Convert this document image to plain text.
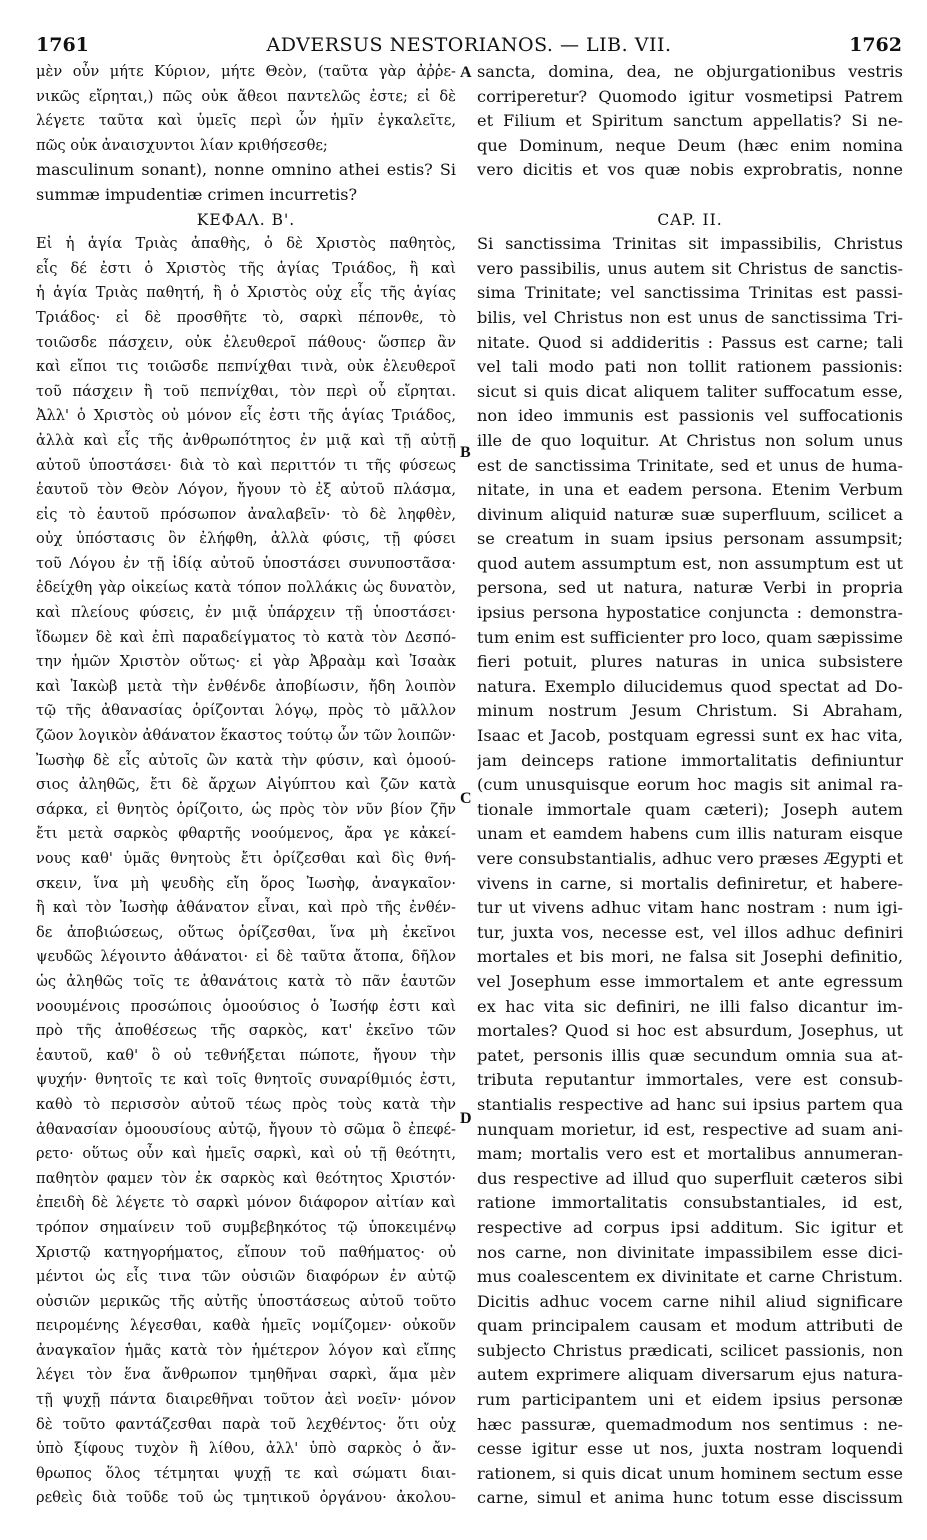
1761	ADVERSUS NESTORIANOS. — LIB. VII.	1762
μὲν οὖν μήτε Κύριον, μήτε Θεὸν, (ταῦτα γὰρ ἀῤῥε-
νικῶς εἴρηται,) πῶς οὐκ ἄθεοι παντελῶς ἐστε; εἰ δὲ
λέγετε ταῦτα καὶ ὑμεῖς περὶ ὧν ἡμῖν ἐγκαλεῖτε,
πῶς οὐκ ἀναισχυντοι λίαν κριθήσεσθε;
masculinum sonant), nonne omnino athei estis? Si
summæ impudentiæ crimen incurretis?
ΚΕΦΑΛ. Β'.
Εἰ ἡ ἁγία Τριὰς ἀπαθὴς, ὁ δὲ Χριστὸς παθητὸς,
εἷς δέ ἐστι ὁ Χριστὸς τῆς ἁγίας Τριάδος, ἢ καὶ
ἡ ἁγία Τριὰς παθητή, ἢ ὁ Χριστὸς οὐχ εἷς τῆς ἁγίας
Τριάδος· εἰ δὲ προσθῆτε τὸ, σαρκὶ πέπονθε, τὸ
τοιῶσδε πάσχειν, οὐκ ἐλευθεροῖ πάθους· ὥσπερ ἂν
καὶ εἴποι τις τοιῶσδε πεπνίχθαι τινὰ, οὐκ ἐλευθεροῖ
τοῦ πάσχειν ἢ τοῦ πεπνίχθαι, τὸν περὶ οὗ εἴρηται.
Ἀλλ' ὁ Χριστὸς οὐ μόνον εἷς ἐστι τῆς ἁγίας Τριάδος,
ἀλλὰ καὶ εἷς τῆς ἀνθρωπότητος ἐν μιᾷ καὶ τῇ αὐτῇ
αὐτοῦ ὑποστάσει· διὰ τὸ καὶ περιττόν τι τῆς φύσεως
ἑαυτοῦ τὸν Θεὸν Λόγον, ἤγουν τὸ ἐξ αὐτοῦ πλάσμα,
εἰς τὸ ἑαυτοῦ πρόσωπον ἀναλαβεῖν· τὸ δὲ ληφθὲν,
οὐχ ὑπόστασις ὂν ἐλήφθη, ἀλλὰ φύσις, τῇ φύσει
τοῦ Λόγου ἐν τῇ ἰδίᾳ αὐτοῦ ὑποστάσει συνυποστᾶσα·
ἐδείχθη γὰρ οἰκείως κατὰ τόπον πολλάκις ὡς δυνατὸν,
καὶ πλείους φύσεις, ἐν μιᾷ ὑπάρχειν τῇ ὑποστάσει·
ἴδωμεν δὲ καὶ ἐπὶ παραδείγματος τὸ κατὰ τὸν Δεσπό-
την ἡμῶν Χριστὸν οὕτως· εἰ γὰρ Ἀβραὰμ καὶ Ἰσαὰκ
καὶ Ἰακὼβ μετὰ τὴν ἐνθένδε ἀποβίωσιν, ἤδη λοιπὸν
τῷ τῆς ἀθανασίας ὁρίζονται λόγῳ, πρὸς τὸ μᾶλλον
ζῶον λογικὸν ἀθάνατον ἕκαστος τούτῳ ὧν τῶν λοιπῶν·
Ἰωσὴφ δὲ εἷς αὐτοῖς ὢν κατὰ τὴν φύσιν, καὶ ὁμοού-
σιος ἀληθῶς, ἔτι δὲ ἄρχων Αἰγύπτου καὶ ζῶν κατὰ
σάρκα, εἰ θνητὸς ὁρίζοιτο, ὡς πρὸς τὸν νῦν βίον ζῆν
ἔτι μετὰ σαρκὸς φθαρτῆς νοούμενος, ἄρα γε κἀκεί-
νους καθ' ὑμᾶς θνητοὺς ἔτι ὁρίζεσθαι καὶ δὶς θνή-
σκειν, ἵνα μὴ ψευδὴς εἴη ὅρος Ἰωσὴφ, ἀναγκαῖον·
ἢ καὶ τὸν Ἰωσὴφ ἀθάνατον εἶναι, καὶ πρὸ τῆς ἐνθέν-
δε ἀποβιώσεως, οὕτως ὁρίζεσθαι, ἵνα μὴ ἐκεῖνοι
ψευδῶς λέγοιντο ἀθάνατοι· εἰ δὲ ταῦτα ἄτοπα, δῆλον
ὡς ἀληθῶς τοῖς τε ἀθανάτοις κατὰ τὸ πᾶν ἑαυτῶν
νοουμένοις προσώποις ὁμοούσιος ὁ Ἰωσήφ ἐστι καὶ
πρὸ τῆς ἀποθέσεως τῆς σαρκὸς, κατ' ἐκεῖνο τῶν
ἑαυτοῦ, καθ' ὃ οὐ τεθνήξεται πώποτε, ἤγουν τὴν
ψυχήν· θνητοῖς τε καὶ τοῖς θνητοῖς συναρίθμιός ἐστι,
καθὸ τὸ περισσὸν αὐτοῦ τέως πρὸς τοὺς κατὰ τὴν
ἀθανασίαν ὁμοουσίους αὐτῷ, ἤγουν τὸ σῶμα ὃ ἐπεφέ-
ρετο· οὕτως οὖν καὶ ἡμεῖς σαρκὶ, καὶ οὐ τῇ θεότητι,
παθητὸν φαμεν τὸν ἐκ σαρκὸς καὶ θεότητος Χριστόν·
ἐπειδὴ δὲ λέγετε τὸ σαρκὶ μόνον διάφορον αἰτίαν καὶ
τρόπον σημαίνειν τοῦ συμβεβηκότος τῷ ὑποκειμένῳ
Χριστῷ κατηγορήματος, εἴπουν τοῦ παθήματος· οὐ
μέντοι ὡς εἷς τινα τῶν οὐσιῶν διαφόρων ἐν αὐτῷ
οὐσιῶν μερικῶς τῆς αὐτῆς ὑποστάσεως αὐτοῦ τοῦτο
πειρομένης λέγεσθαι, καθὰ ἡμεῖς νομίζομεν· οὐκοῦν
ἀναγκαῖον ἡμᾶς κατὰ τὸν ἡμέτερον λόγον καὶ εἴπης
λέγει τὸν ἕνα ἄνθρωπον τμηθῆναι σαρκὶ, ἅμα μὲν
τῇ ψυχῇ πάντα διαιρεθῆναι τοῦτον ἀεὶ νοεῖν· μόνον
δὲ τοῦτο φαντάζεσθαι παρὰ τοῦ λεχθέντος· ὅτι οὐχ
ὑπὸ ξίφους τυχὸν ἢ λίθου, ἀλλ' ὑπὸ σαρκὸς ὁ ἄν-
θρωπος ὅλος τέτμηται ψυχῇ τε καὶ σώματι διαι-
ρεθεὶς διὰ τοῦδε τοῦ ὡς τμητικοῦ ὀργάνου· ἀκολου-
sancta, domina, dea, ne objurgationibus vestris
corriperetur? Quomodo igitur vosmetipsi Patrem
et Filium et Spiritum sanctum appellatis? Si ne-
que Dominum, neque Deum (hæc enim nomina
vero dicitis et vos quæ nobis exprobratis, nonne
CAP. II.
Si sanctissima Trinitas sit impassibilis, Christus
vero passibilis, unus autem sit Christus de sanctis-
sima Trinitate; vel sanctissima Trinitas est passi-
bilis, vel Christus non est unus de sanctissima Tri-
nitate. Quod si addideritis : Passus est carne; tali
vel tali modo pati non tollit rationem passionis:
sicut si quis dicat aliquem taliter suffocatum esse,
non ideo immunis est passionis vel suffocationis
ille de quo loquitur. At Christus non solum unus
est de sanctissima Trinitate, sed et unus de huma-
nitate, in una et eadem persona. Etenim Verbum
divinum aliquid naturæ suæ superfluum, scilicet a
se creatum in suam ipsius personam assumpsit;
quod autem assumptum est, non assumptum est ut
persona, sed ut natura, naturæ Verbi in propria
ipsius persona hypostatice conjuncta : demonstra-
tum enim est sufficienter pro loco, quam sæpissime
fieri potuit, plures naturas in unica subsistere
natura. Exemplo dilucidemus quod spectat ad Do-
minum nostrum Jesum Christum. Si Abraham,
Isaac et Jacob, postquam egressi sunt ex hac vita,
jam deinceps ratione immortalitatis definiuntur
(cum unusquisque eorum hoc magis sit animal ra-
tionale immortale quam cæteri); Joseph autem
unam et eamdem habens cum illis naturam eisque
vere consubstantialis, adhuc vero præses Ægypti et
vivens in carne, si mortalis definiretur, et habere-
tur ut vivens adhuc vitam hanc nostram : num igi-
tur, juxta vos, necesse est, vel illos adhuc definiri
mortales et bis mori, ne falsa sit Josephi definitio,
vel Josephum esse immortalem et ante egressum
ex hac vita sic definiri, ne illi falso dicantur im-
mortales? Quod si hoc est absurdum, Josephus, ut
patet, personis illis quæ secundum omnia sua at-
tributa reputantur immortales, vere est consub-
stantialis respective ad hanc sui ipsius partem qua
nunquam morietur, id est, respective ad suam ani-
mam; mortalis vero est et mortalibus annumeran-
dus respective ad illud quo superfluit cæteros sibi
ratione immortalitatis consubstantiales, id est,
respective ad corpus ipsi additum. Sic igitur et
nos carne, non divinitate impassibilem esse dici-
mus coalescentem ex divinitate et carne Christum.
Dicitis adhuc vocem carne nihil aliud significare
quam principalem causam et modum attributi de
subjecto Christus prædicati, scilicet passionis, non
autem exprimere aliquam diversarum ejus natura-
rum participantem uni et eidem ipsius personæ
hæc passuræ, quemadmodum nos sentimus : ne-
cesse igitur esse ut nos, juxta nostram loquendi
rationem, si quis dicat unum hominem sectum esse
carne, simul et anima hunc totum esse discissum
A
B
C
D
